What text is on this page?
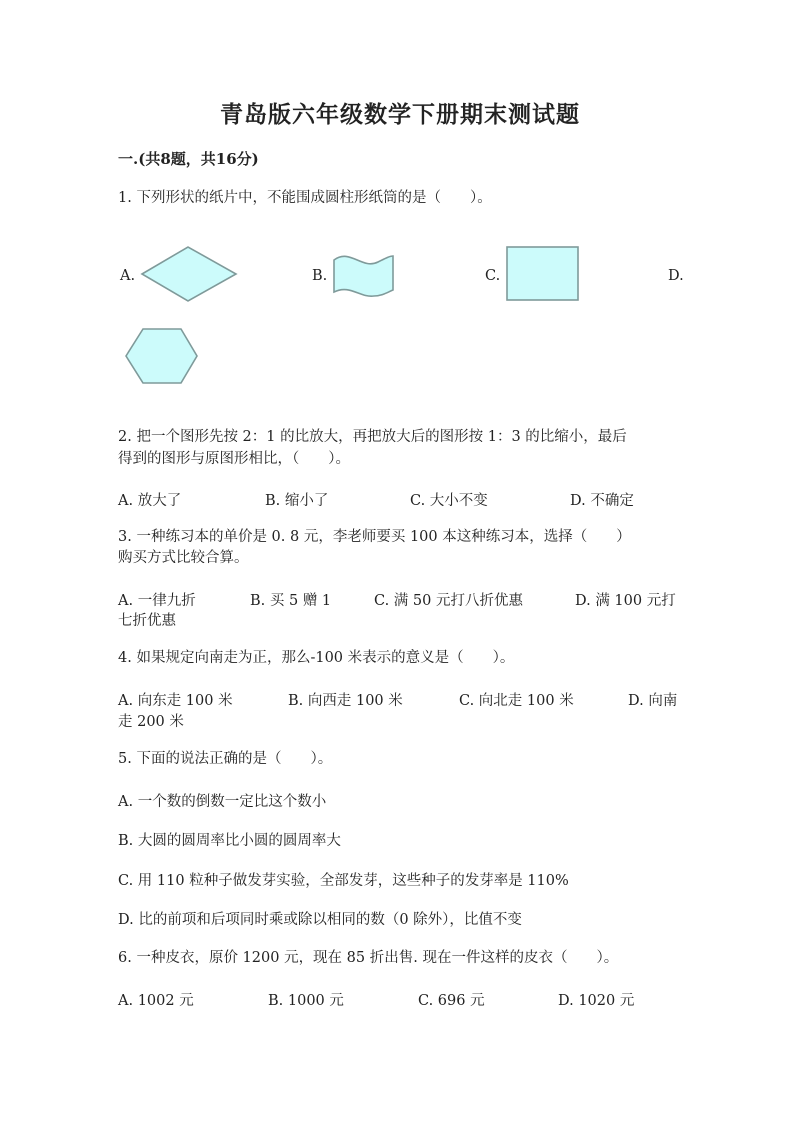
青岛版六年级数学下册期末测试题
一.(共8题，共16分)
1. 下列形状的纸片中，不能围成圆柱形纸筒的是（　　）。
A.	B.	C.	D.
2. 把一个图形先按 2：1 的比放大，再把放大后的图形按 1：3 的比缩小，最后
得到的图形与原图形相比，（　　）。
A. 放大了	B. 缩小了	C. 大小不变	D. 不确定
3. 一种练习本的单价是 0. 8 元，李老师要买 100 本这种练习本，选择（　　）
购买方式比较合算。
A. 一律九折	B. 买 5 赠 1	C. 满 50 元打八折优惠	D. 满 100 元打
七折优惠
4. 如果规定向南走为正，那么-100 米表示的意义是（　　）。
A. 向东走 100 米	B. 向西走 100 米	C. 向北走 100 米	D. 向南
走 200 米
5. 下面的说法正确的是（　　）。
A. 一个数的倒数一定比这个数小
B. 大圆的圆周率比小圆的圆周率大
C. 用 110 粒种子做发芽实验，全部发芽，这些种子的发芽率是 110%
D. 比的前项和后项同时乘或除以相同的数（0 除外），比值不变
6. 一种皮衣，原价 1200 元，现在 85 折出售. 现在一件这样的皮衣（　　）。
A. 1002 元	B. 1000 元	C. 696 元	D. 1020 元
